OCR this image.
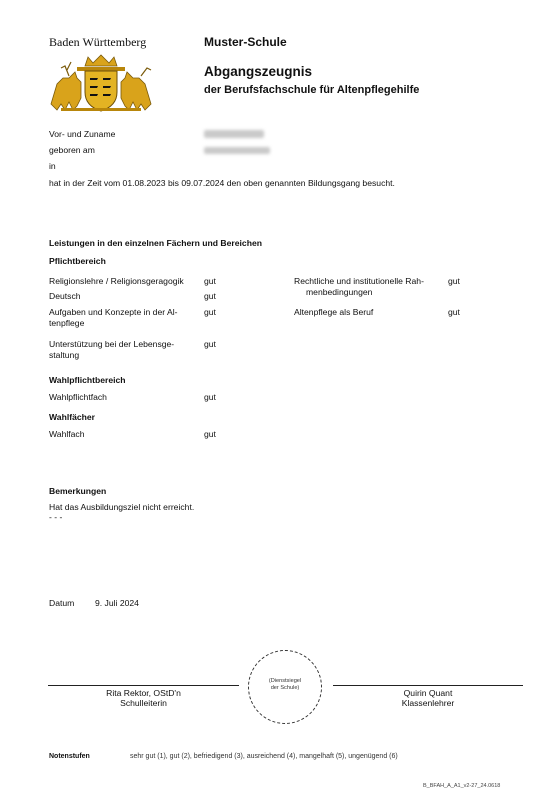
Baden Württemberg	Muster-Schule
Abgangszeugnis
der Berufsfachschule für Altenpflegehilfe
Vor- und Zuname
geboren am
in
hat in der Zeit vom 01.08.2023 bis 09.07.2024 den oben genannten Bildungsgang besucht.
Leistungen in den einzelnen Fächern und Bereichen
Pflichtbereich
Religionslehre / Religionsgeragogik	gut
Deutsch	gut
Aufgaben und Konzepte in der Al-
tenpflege
gut
Unterstützung bei der Lebensge-
staltung
gut
Rechtliche und institutionelle Rah-
menbedingungen
gut
Altenpflege als Beruf	gut
Wahlpflichtbereich
Wahlpflichtfach	gut
Wahlfächer
Wahlfach	gut
Bemerkungen
Hat das Ausbildungsziel nicht erreicht.
- - -
Datum 9. Juli 2024
Rita Rektor, OStD'n
Schulleiterin
(Dienstsiegel
der Schule)	Quirin Quant
Klassenlehrer
Notenstufen	sehr gut (1), gut (2), befriedigend (3), ausreichend (4), mangelhaft (5), ungenügend (6)
B_BFAH_A_A1_v2-27_24.0618
